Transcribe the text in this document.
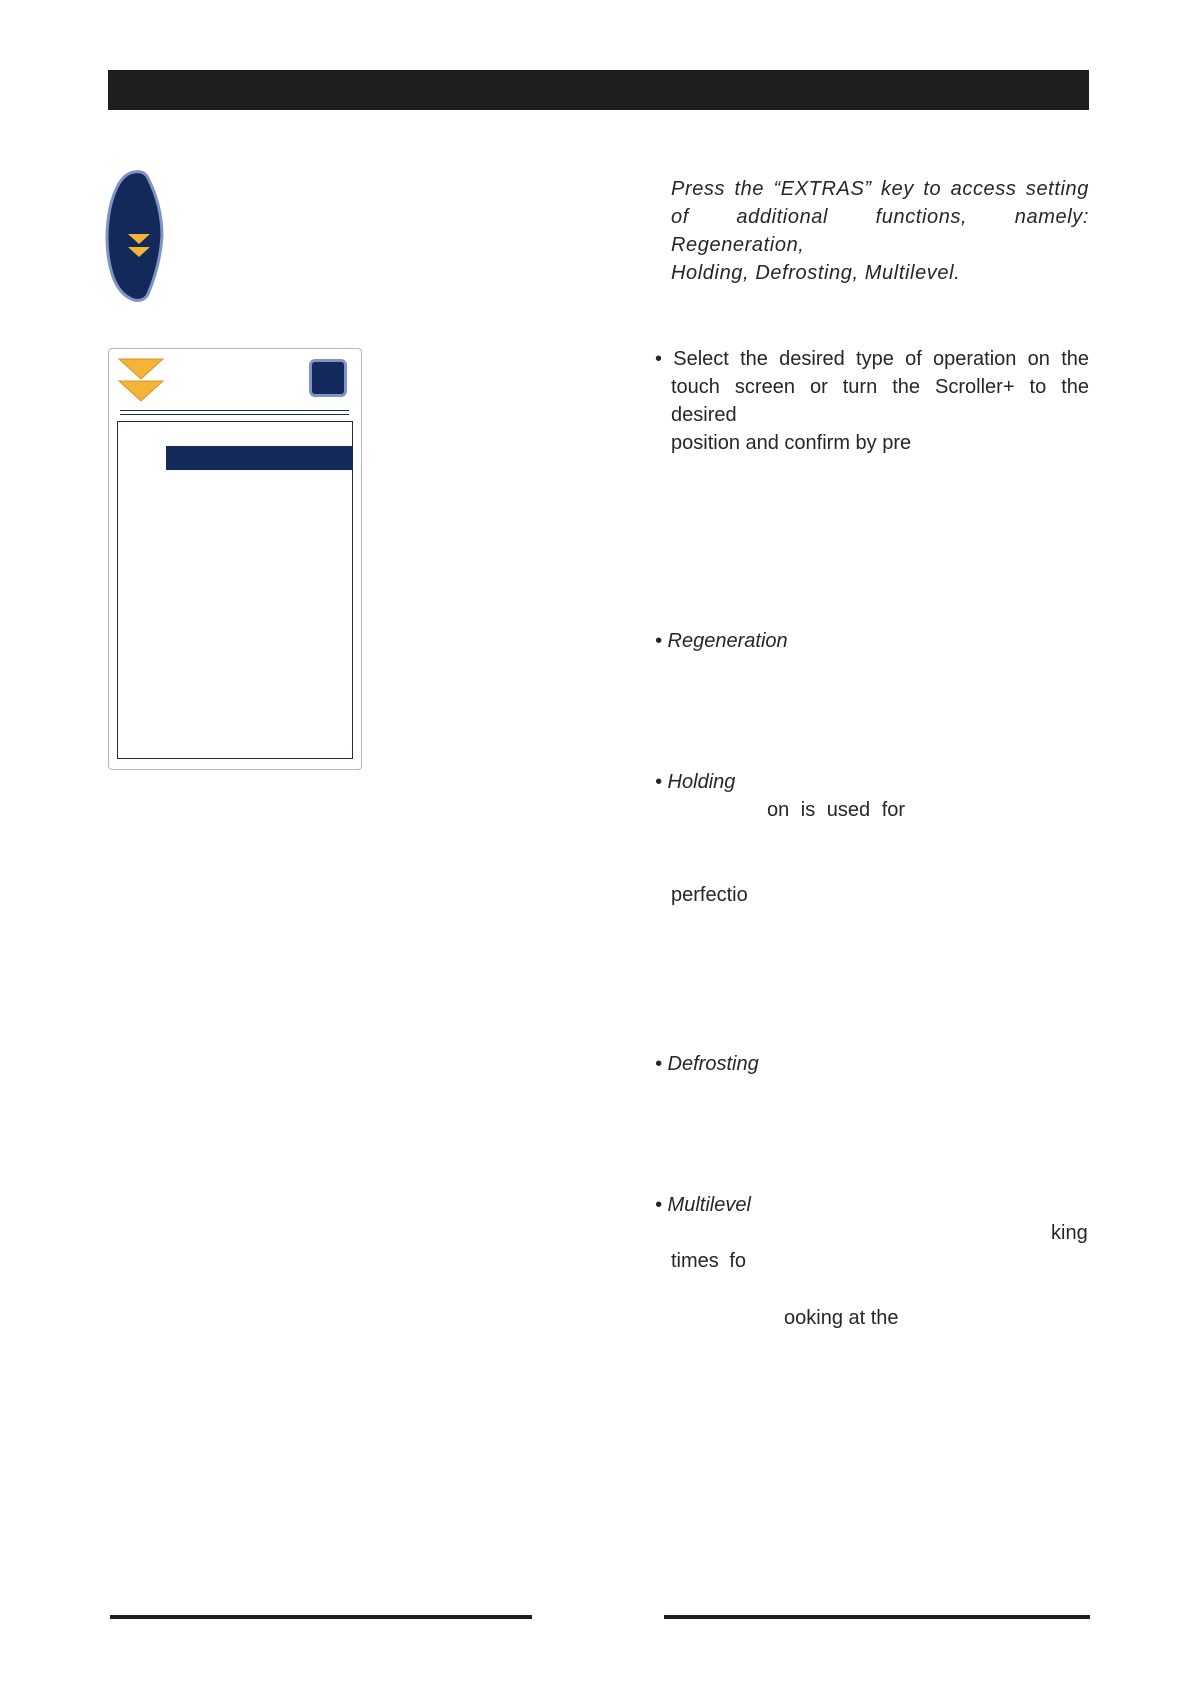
Press the “EXTRAS” key to access setting
of additional functions, namely: Regeneration,
Holding, Defrosting, Multilevel.
• Select the desired type of operation on the
touch screen or turn the Scroller+ to the desired
position and confirm by pre
• Regeneration
• Holding
on is used for
perfectio
• Defrosting
• Multilevel
king
times fo
ooking at the
